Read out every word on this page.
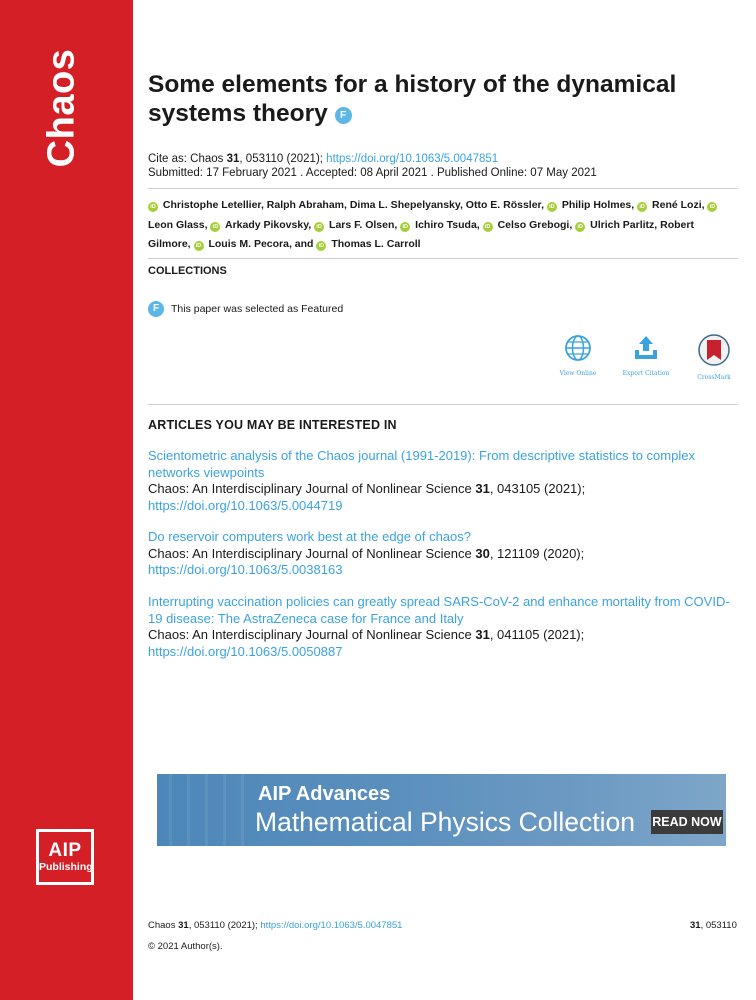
Chaos
AIP
Publishing
Some elements for a history of the dynamical systems theory F
Cite as: Chaos 31, 053110 (2021); https://doi.org/10.1063/5.0047851
Submitted: 17 February 2021 . Accepted: 08 April 2021 . Published Online: 07 May 2021
iD Christophe Letellier, Ralph Abraham, Dima L. Shepelyansky, Otto E. Rössler, iD Philip Holmes, iD René Lozi, iD Leon Glass, iD Arkady Pikovsky, iD Lars F. Olsen, iD Ichiro Tsuda, iD Celso Grebogi, iD Ulrich Parlitz, Robert Gilmore, iD Louis M. Pecora, and iD Thomas L. Carroll
COLLECTIONS
F This paper was selected as Featured
View Online	Export Citation
CrossMark
ARTICLES YOU MAY BE INTERESTED IN
Scientometric analysis of the Chaos journal (1991-2019): From descriptive statistics to complex networks viewpoints
Chaos: An Interdisciplinary Journal of Nonlinear Science 31, 043105 (2021); https://doi.org/10.1063/5.0044719
Do reservoir computers work best at the edge of chaos?
Chaos: An Interdisciplinary Journal of Nonlinear Science 30, 121109 (2020); https://doi.org/10.1063/5.0038163
Interrupting vaccination policies can greatly spread SARS-CoV-2 and enhance mortality from COVID-19 disease: The AstraZeneca case for France and Italy
Chaos: An Interdisciplinary Journal of Nonlinear Science 31, 041105 (2021); https://doi.org/10.1063/5.0050887
AIP Advances
Mathematical Physics Collection READ NOW
Chaos 31, 053110 (2021); https://doi.org/10.1063/5.0047851	31, 053110
© 2021 Author(s).
